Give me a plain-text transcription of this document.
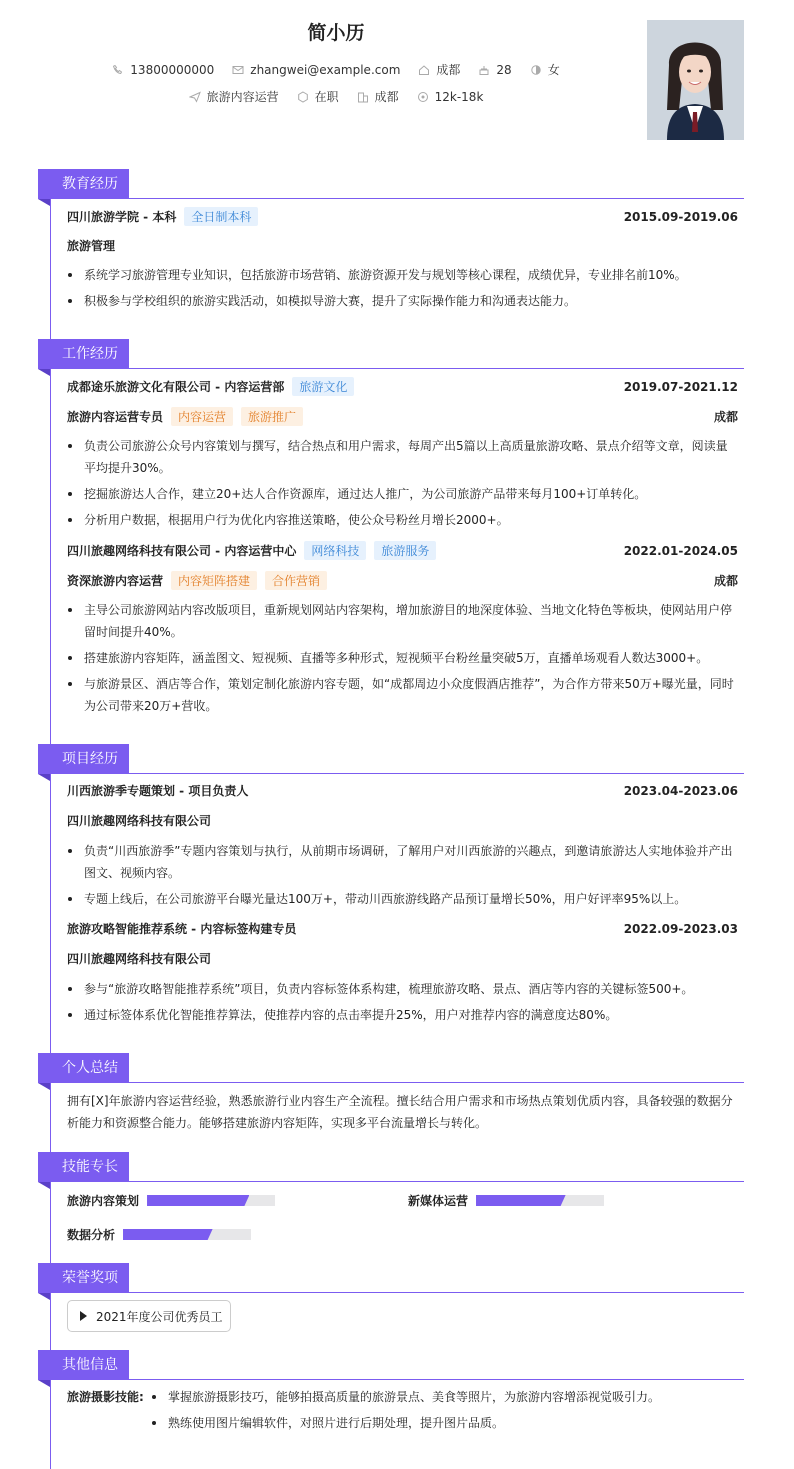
简小历
13800000000	zhangwei@example.com	成都	28	女
旅游内容运营	在职	成都	12k-18k
教育经历
四川旅游学院 - 本科	全日制本科	2015.09-2019.06
旅游管理
系统学习旅游管理专业知识，包括旅游市场营销、旅游资源开发与规划等核心课程，成绩优异，专业排名前10%。
积极参与学校组织的旅游实践活动，如模拟导游大赛，提升了实际操作能力和沟通表达能力。
工作经历
成都途乐旅游文化有限公司 - 内容运营部	旅游文化	2019.07-2021.12
旅游内容运营专员	内容运营	旅游推广	成都
负责公司旅游公众号内容策划与撰写，结合热点和用户需求，每周产出5篇以上高质量旅游攻略、景点介绍等文章，阅读量
平均提升30%。
挖掘旅游达人合作，建立20+达人合作资源库，通过达人推广，为公司旅游产品带来每月100+订单转化。
分析用户数据，根据用户行为优化内容推送策略，使公众号粉丝月增长2000+。
四川旅趣网络科技有限公司 - 内容运营中心	网络科技	旅游服务	2022.01-2024.05
资深旅游内容运营	内容矩阵搭建	合作营销	成都
主导公司旅游网站内容改版项目，重新规划网站内容架构，增加旅游目的地深度体验、当地文化特色等板块，使网站用户停
留时间提升40%。
搭建旅游内容矩阵，涵盖图文、短视频、直播等多种形式，短视频平台粉丝量突破5万，直播单场观看人数达3000+。
与旅游景区、酒店等合作，策划定制化旅游内容专题，如“成都周边小众度假酒店推荐”，为合作方带来50万+曝光量，同时
为公司带来20万+营收。
项目经历
川西旅游季专题策划 - 项目负责人	2023.04-2023.06
四川旅趣网络科技有限公司
负责“川西旅游季”专题内容策划与执行，从前期市场调研，了解用户对川西旅游的兴趣点，到邀请旅游达人实地体验并产出
图文、视频内容。
专题上线后，在公司旅游平台曝光量达100万+，带动川西旅游线路产品预订量增长50%，用户好评率95%以上。
旅游攻略智能推荐系统 - 内容标签构建专员	2022.09-2023.03
四川旅趣网络科技有限公司
参与“旅游攻略智能推荐系统”项目，负责内容标签体系构建，梳理旅游攻略、景点、酒店等内容的关键标签500+。
通过标签体系优化智能推荐算法，使推荐内容的点击率提升25%，用户对推荐内容的满意度达80%。
个人总结
拥有[X]年旅游内容运营经验，熟悉旅游行业内容生产全流程。擅长结合用户需求和市场热点策划优质内容，具备较强的数据分
析能力和资源整合能力。能够搭建旅游内容矩阵，实现多平台流量增长与转化。
技能专长
旅游内容策划	新媒体运营
数据分析
荣誉奖项
2021年度公司优秀员工
其他信息
旅游摄影技能:	掌握旅游摄影技巧，能够拍摄高质量的旅游景点、美食等照片，为旅游内容增添视觉吸引力。
熟练使用图片编辑软件，对照片进行后期处理，提升图片品质。
